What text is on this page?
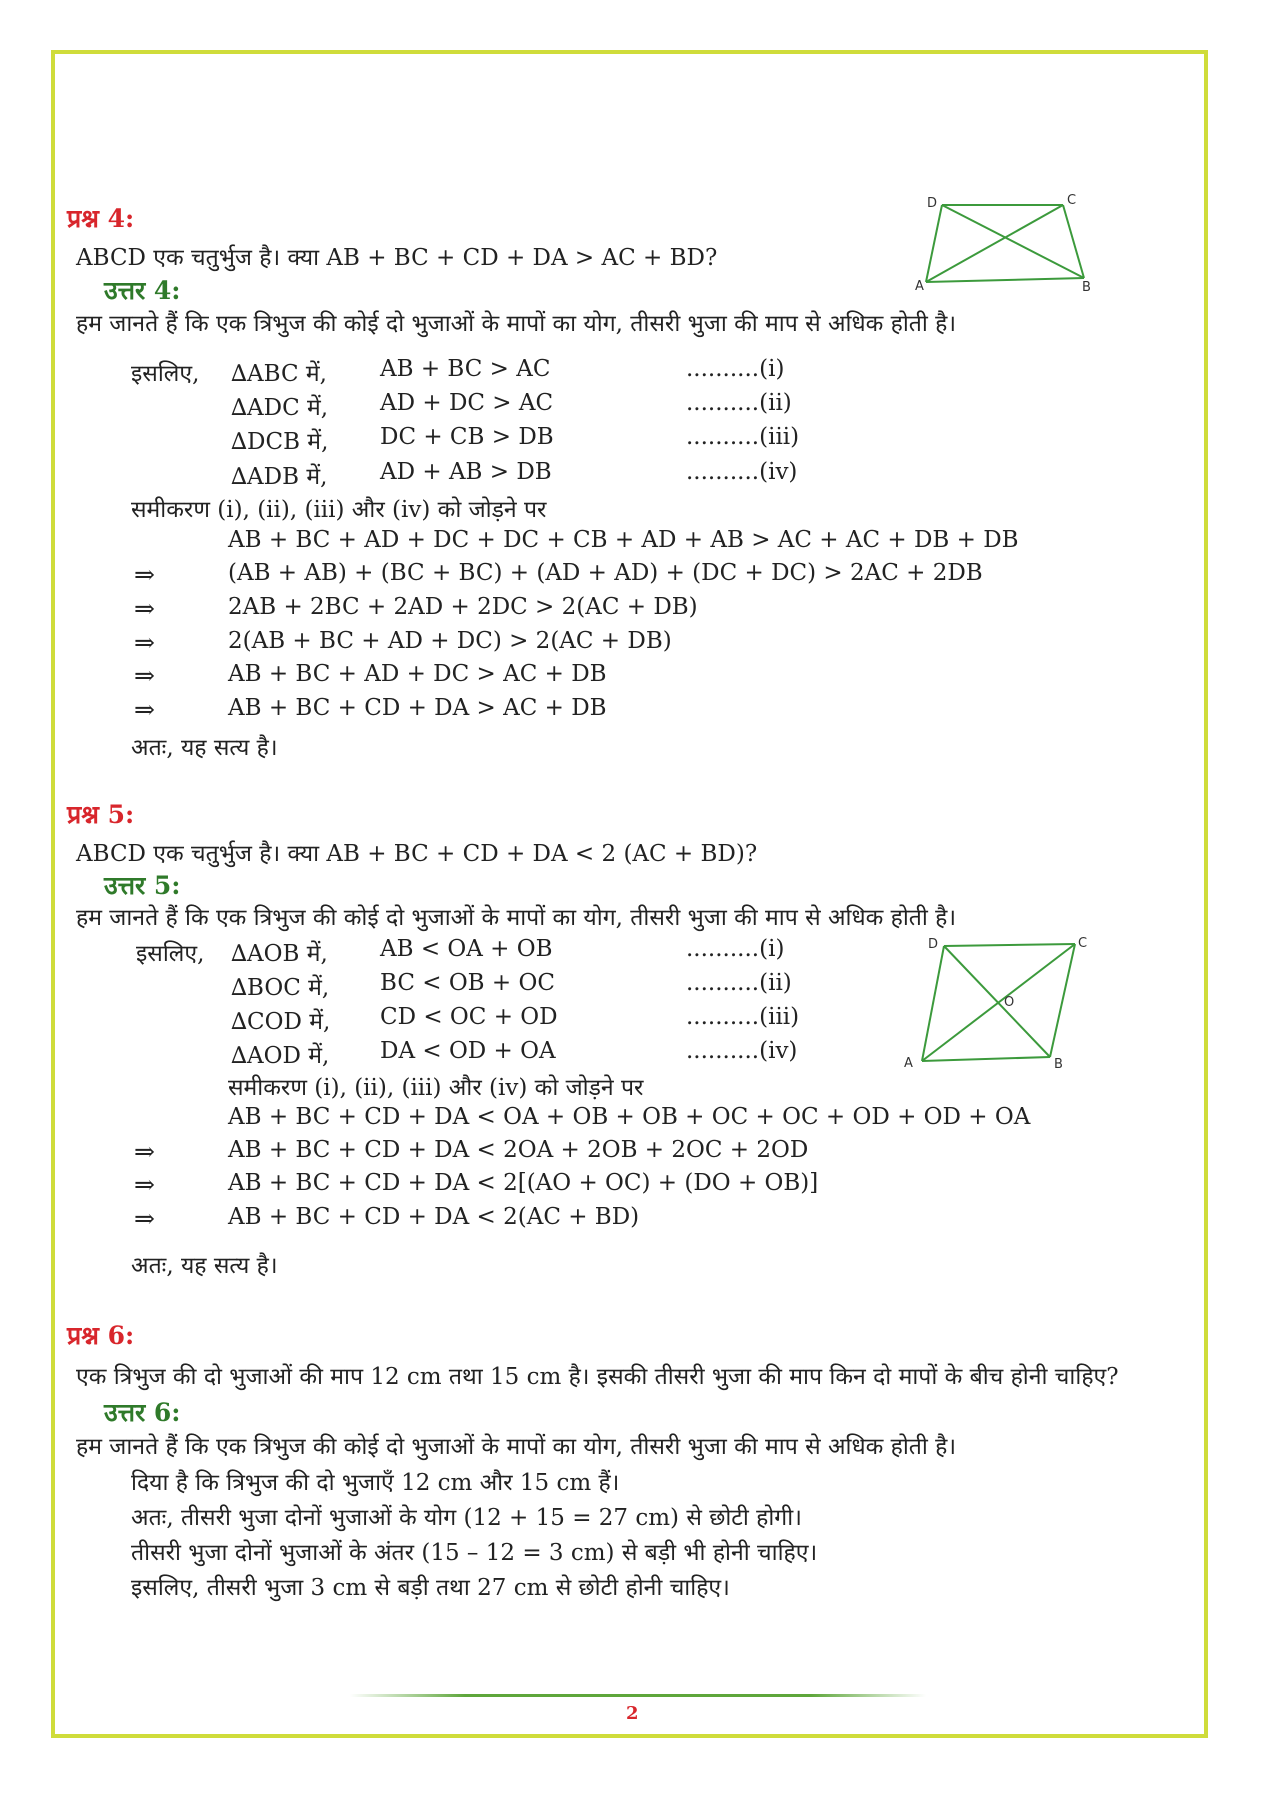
प्रश्न 4:
ABCD एक चतुर्भुज है। क्या AB + BC + CD + DA > AC + BD?
उत्तर 4:
हम जानते हैं कि एक त्रिभुज की कोई दो भुजाओं के मापों का योग, तीसरी भुजा की माप से अधिक होती है।
D	C
A	B
इसलिए, ∆ABC में, AB + BC > AC	..........(i)
∆ADC में, AD + DC > AC	..........(ii)
∆DCB में, DC + CB > DB	..........(iii)
∆ADB में, AD + AB > DB	..........(iv)
समीकरण (i), (ii), (iii) और (iv) को जोड़ने पर
AB + BC + AD + DC + DC + CB + AD + AB > AC + AC + DB + DB
⇒	(AB + AB) + (BC + BC) + (AD + AD) + (DC + DC) > 2AC + 2DB
⇒	2AB + 2BC + 2AD + 2DC > 2(AC + DB)
⇒	2(AB + BC + AD + DC) > 2(AC + DB)
⇒	AB + BC + AD + DC > AC + DB
⇒	AB + BC + CD + DA > AC + DB
अतः, यह सत्य है।
प्रश्न 5:
ABCD एक चतुर्भुज है। क्या AB + BC + CD + DA < 2 (AC + BD)?
उत्तर 5:
हम जानते हैं कि एक त्रिभुज की कोई दो भुजाओं के मापों का योग, तीसरी भुजा की माप से अधिक होती है।
इसलिए, ∆AOB में, AB < OA + OB	..........(i)
∆BOC में, BC < OB + OC	..........(ii)
∆COD में, CD < OC + OD	..........(iii)
∆AOD में, DA < OD + OA	..........(iv)
D	C
O
A	B
समीकरण (i), (ii), (iii) और (iv) को जोड़ने पर
AB + BC + CD + DA < OA + OB + OB + OC + OC + OD + OD + OA
⇒	AB + BC + CD + DA < 2OA + 2OB + 2OC + 2OD
⇒	AB + BC + CD + DA < 2[(AO + OC) + (DO + OB)]
⇒	AB + BC + CD + DA < 2(AC + BD)
अतः, यह सत्य है।
प्रश्न 6:
एक त्रिभुज की दो भुजाओं की माप 12 cm तथा 15 cm है। इसकी तीसरी भुजा की माप किन दो मापों के बीच होनी चाहिए?
उत्तर 6:
हम जानते हैं कि एक त्रिभुज की कोई दो भुजाओं के मापों का योग, तीसरी भुजा की माप से अधिक होती है।
दिया है कि त्रिभुज की दो भुजाएँ 12 cm और 15 cm हैं।
अतः, तीसरी भुजा दोनों भुजाओं के योग (12 + 15 = 27 cm) से छोटी होगी।
तीसरी भुजा दोनों भुजाओं के अंतर (15 – 12 = 3 cm) से बड़ी भी होनी चाहिए।
इसलिए, तीसरी भुजा 3 cm से बड़ी तथा 27 cm से छोटी होनी चाहिए।
2
